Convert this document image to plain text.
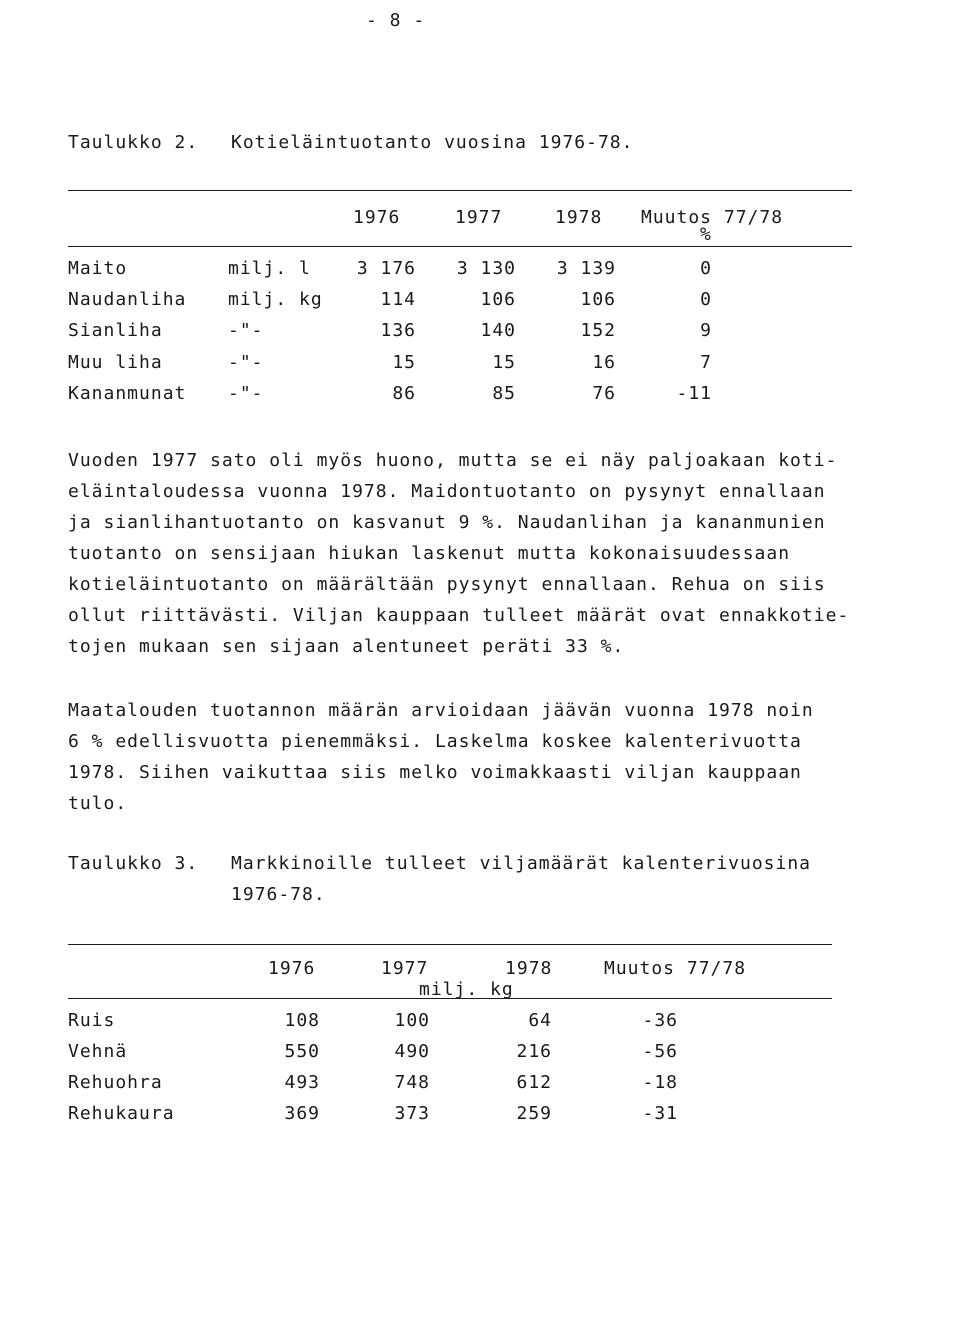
- 8 -
Taulukko 2. Kotieläintuotanto vuosina 1976-78.
1976	1977	1978 Muutos 77/78
%
Maito	milj. l	3 176	3 130	3 139	0
Naudanliha	milj. kg	114	106	106	0
Sianliha	-"-	136	140	152	9
Muu liha	-"-	15	15	16	7
Kananmunat	-"-	86	85	76	-11
Vuoden 1977 sato oli myös huono, mutta se ei näy paljoakaan koti-
eläintaloudessa vuonna 1978. Maidontuotanto on pysynyt ennallaan
ja sianlihantuotanto on kasvanut 9 %. Naudanlihan ja kananmunien
tuotanto on sensijaan hiukan laskenut mutta kokonaisuudessaan
kotieläintuotanto on määrältään pysynyt ennallaan. Rehua on siis
ollut riittävästi. Viljan kauppaan tulleet määrät ovat ennakkotie-
tojen mukaan sen sijaan alentuneet peräti 33 %.
Maatalouden tuotannon määrän arvioidaan jäävän vuonna 1978 noin
6 % edellisvuotta pienemmäksi. Laskelma koskee kalenterivuotta
1978. Siihen vaikuttaa siis melko voimakkaasti viljan kauppaan
tulo.
Taulukko 3. Markkinoille tulleet viljamäärät kalenterivuosina
1976-78.
1976	1977	1978	Muutos 77/78
milj. kg
Ruis	108	100	64	-36
Vehnä	550	490	216	-56
Rehuohra	493	748	612	-18
Rehukaura	369	373	259	-31
